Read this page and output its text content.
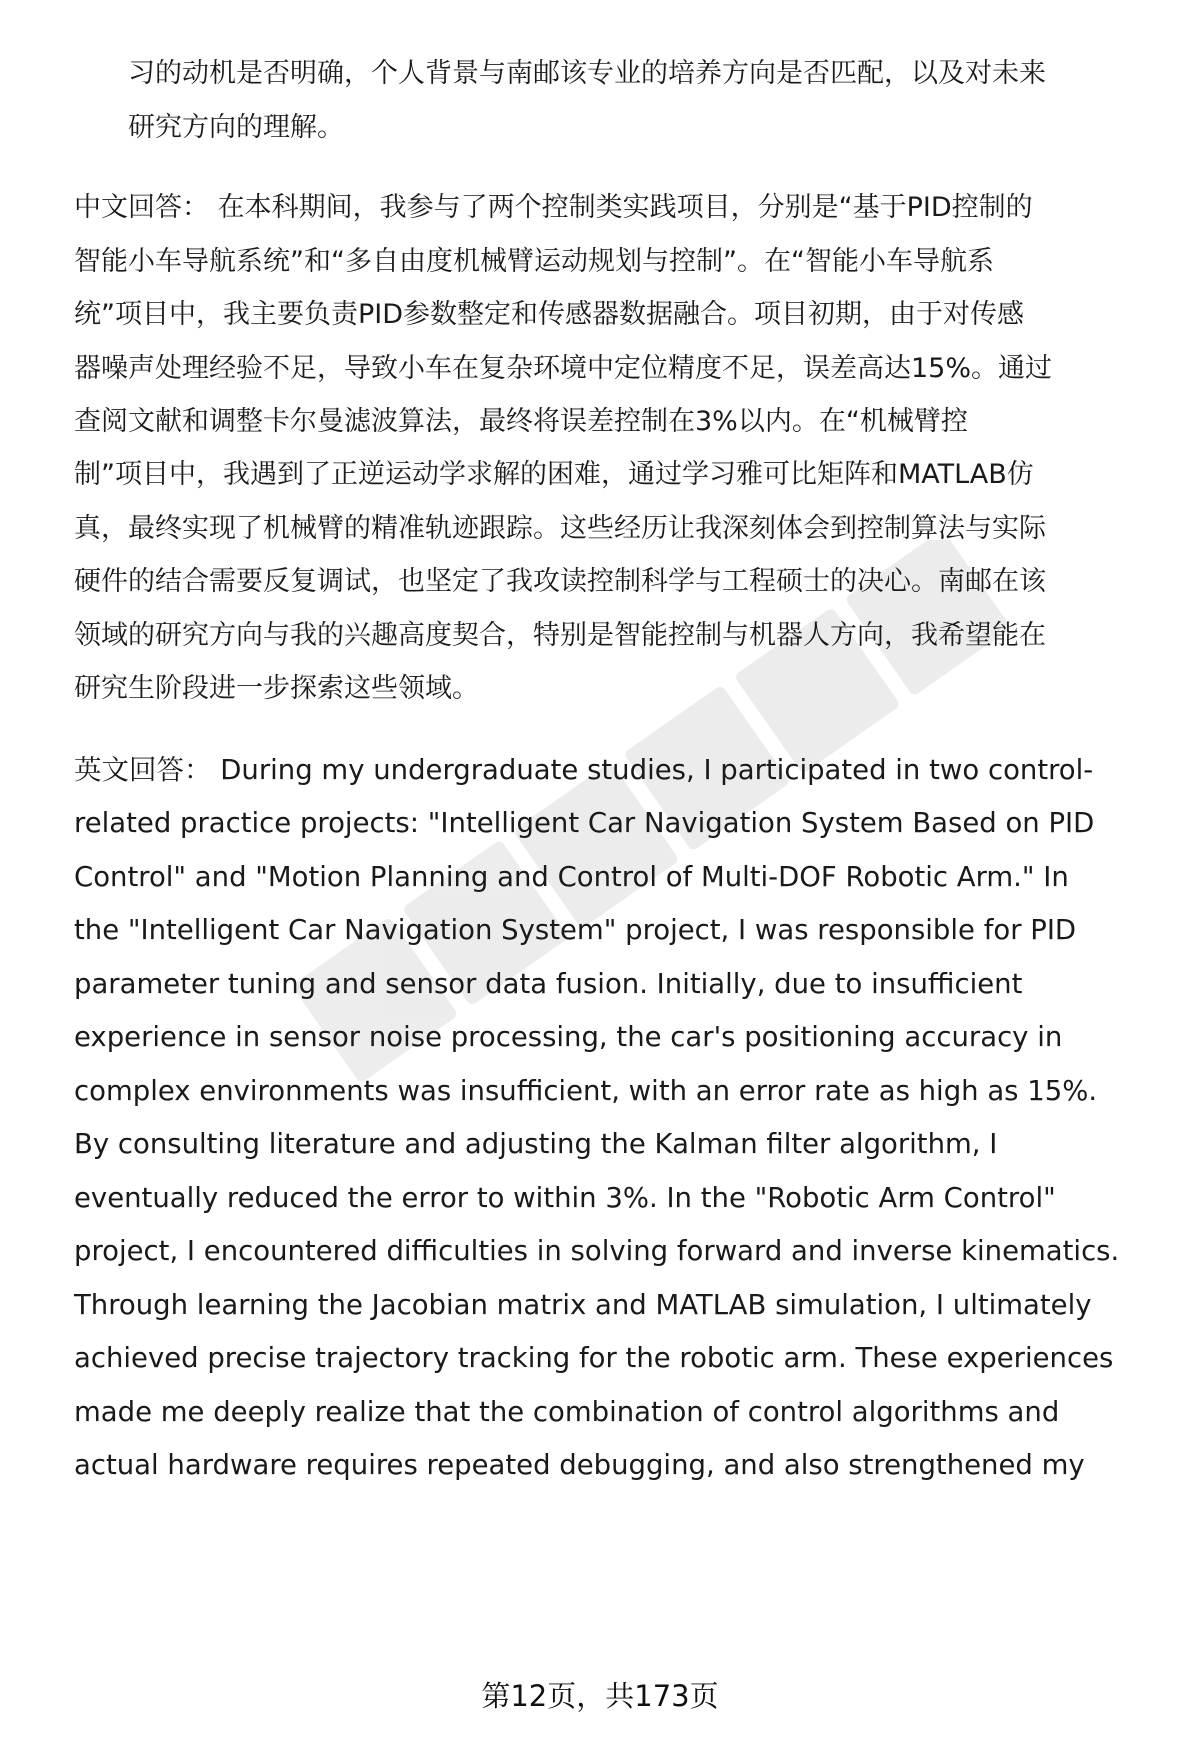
习的动机是否明确，个人背景与南邮该专业的培养方向是否匹配，以及对未来
研究方向的理解。
中文回答： 在本科期间，我参与了两个控制类实践项目，分别是“基于PID控制的
智能小车导航系统”和“多自由度机械臂运动规划与控制”。在“智能小车导航系
统”项目中，我主要负责PID参数整定和传感器数据融合。项目初期，由于对传感
器噪声处理经验不足，导致小车在复杂环境中定位精度不足，误差高达15%。通过
查阅文献和调整卡尔曼滤波算法，最终将误差控制在3%以内。在“机械臂控
制”项目中，我遇到了正逆运动学求解的困难，通过学习雅可比矩阵和MATLAB仿
真，最终实现了机械臂的精准轨迹跟踪。这些经历让我深刻体会到控制算法与实际
硬件的结合需要反复调试，也坚定了我攻读控制科学与工程硕士的决心。南邮在该
领域的研究方向与我的兴趣高度契合，特别是智能控制与机器人方向，我希望能在
研究生阶段进一步探索这些领域。
英文回答： During my undergraduate studies, I participated in two control-
related practice projects: "Intelligent Car Navigation System Based on PID
Control" and "Motion Planning and Control of Multi-DOF Robotic Arm." In
the "Intelligent Car Navigation System" project, I was responsible for PID
parameter tuning and sensor data fusion. Initially, due to insufficient
experience in sensor noise processing, the car's positioning accuracy in
complex environments was insufficient, with an error rate as high as 15%.
By consulting literature and adjusting the Kalman filter algorithm, I
eventually reduced the error to within 3%. In the "Robotic Arm Control"
project, I encountered difficulties in solving forward and inverse kinematics.
Through learning the Jacobian matrix and MATLAB simulation, I ultimately
achieved precise trajectory tracking for the robotic arm. These experiences
made me deeply realize that the combination of control algorithms and
actual hardware requires repeated debugging, and also strengthened my
第12页，共173页
